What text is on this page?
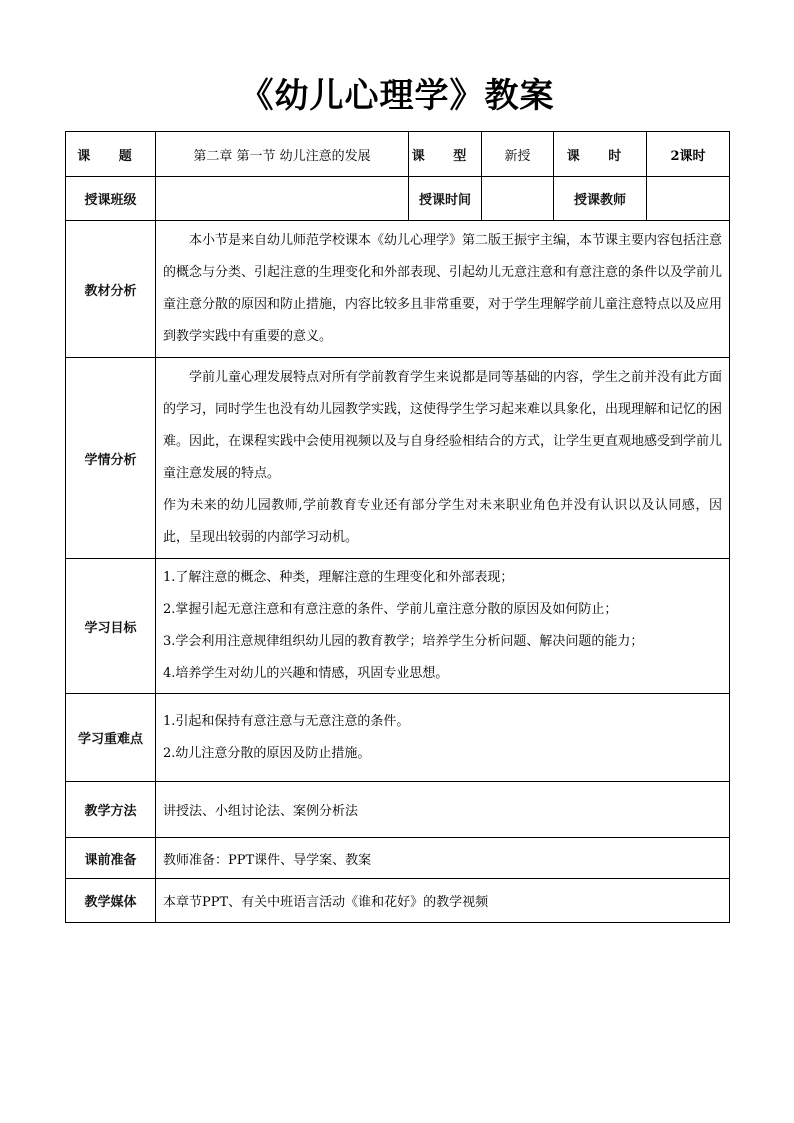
《幼儿心理学》教案
课 题	第二章 第一节 幼儿注意的发展	课 型	新授	课 时	2课时
授课班级		授课时间		授课教师	
教材分析	本小节是来自幼儿师范学校课本《幼儿心理学》第二版王振宇主编，本节课主要内容包括注意的概念与分类、引起注意的生理变化和外部表现、引起幼儿无意注意和有意注意的条件以及学前儿童注意分散的原因和防止措施，内容比较多且非常重要，对于学生理解学前儿童注意特点以及应用到教学实践中有重要的意义。				

学情分析	学前儿童心理发展特点对所有学前教育学生来说都是同等基础的内容，学生之前并没有此方面的学习，同时学生也没有幼儿园教学实践，这使得学生学习起来难以具象化，出现理解和记忆的困难。因此，在课程实践中会使用视频以及与自身经验相结合的方式，让学生更直观地感受到学前儿童注意发展的特点。

作为未来的幼儿园教师,学前教育专业还有部分学生对未来职业角色并没有认识以及认同感，因此，呈现出较弱的内部学习动机。				

学习目标	1.了解注意的概念、种类，理解注意的生理变化和外部表现；
2.掌握引起无意注意和有意注意的条件、学前儿童注意分散的原因及如何防止；
3.学会利用注意规律组织幼儿园的教育教学；培养学生分析问题、解决问题的能力；
4.培养学生对幼儿的兴趣和情感，巩固专业思想。				

学习重难点	1.引起和保持有意注意与无意注意的条件。
2.幼儿注意分散的原因及防止措施。				

教学方法	讲授法、小组讨论法、案例分析法				
课前准备	教师准备：PPT课件、导学案、教案				
教学媒体	本章节PPT、有关中班语言活动《谁和花好》的教学视频				
